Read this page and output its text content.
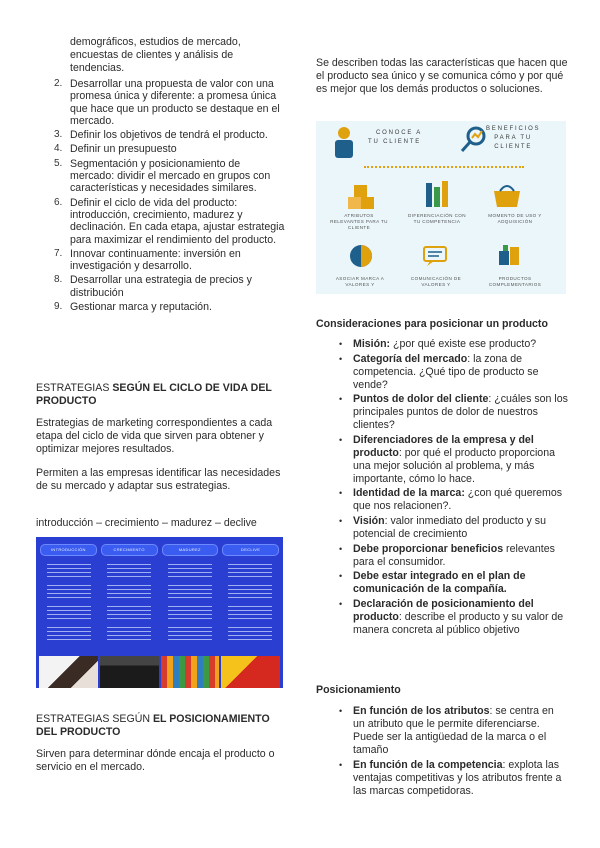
demográficos, estudios de mercado, encuestas de clientes y análisis de tendencias.

2. Desarrollar una propuesta de valor con una promesa única y diferente: a promesa única que hace que un producto se destaque en el mercado.
3. Definir los objetivos de tendrá el producto.
4. Definir un presupuesto
5. Segmentación y posicionamiento de mercado: dividir el mercado en grupos con características y necesidades similares.
6. Definir el ciclo de vida del producto: introducción, crecimiento, madurez y declinación. En cada etapa, ajustar estrategia para maximizar el rendimiento del producto.
7. Innovar continuamente: inversión en investigación y desarrollo.
8. Desarrollar una estrategia de precios y distribución
9. Gestionar marca y reputación.
ESTRATEGIAS SEGÚN EL CICLO DE VIDA DEL PRODUCTO

Estrategias de marketing correspondientes a cada etapa del ciclo de vida que sirven para obtener y optimizar mejores resultados.

Permiten a las empresas identificar las necesidades de su mercado y adaptar sus estrategias.

introducción – crecimiento – madurez – declive

INTRODUCCIÓN	CRECIMIENTO	MADUREZ	DECLIVE
ESTRATEGIAS SEGÚN EL POSICIONAMIENTO DEL PRODUCTO

Sirven para determinar dónde encaja el producto o servicio en el mercado.

Se describen todas las características que hacen que el producto sea único y se comunica cómo y por qué es mejor que los demás productos o soluciones.

CONOCE A
TU CLIENTE
BENEFICIOS
PARA TU
CLIENTE
ATRIBUTOS RELEVANTES PARA TU CLIENTE
DIFERENCIACIÓN CON TU COMPETENCIA
MOMENTO DE USO Y ADQUISICIÓN
ASOCIAR MARCA A VALORES Y
COMUNICACIÓN DE VALORES Y
PRODUCTOS COMPLEMENTARIOS
Consideraciones para posicionar un producto
• Misión: ¿por qué existe ese producto?
• Categoría del mercado: la zona de competencia. ¿Qué tipo de producto se vende?
• Puntos de dolor del cliente: ¿cuáles son los principales puntos de dolor de nuestros clientes?
• Diferenciadores de la empresa y del producto: por qué el producto proporciona una mejor solución al problema, y más importante, cómo lo hace.
• Identidad de la marca: ¿con qué queremos que nos relacionen?.
• Visión: valor inmediato del producto y su potencial de crecimiento
• Debe proporcionar beneficios relevantes para el consumidor.
• Debe estar integrado en el plan de comunicación de la compañía.
• Declaración de posicionamiento del producto: describe el producto y su valor de manera concreta al público objetivo
Posicionamiento
• En función de los atributos: se centra en un atributo que le permite diferenciarse. Puede ser la antigüedad de la marca o el tamaño
• En función de la competencia: explota las ventajas competitivas y los atributos frente a las marcas competidoras.
